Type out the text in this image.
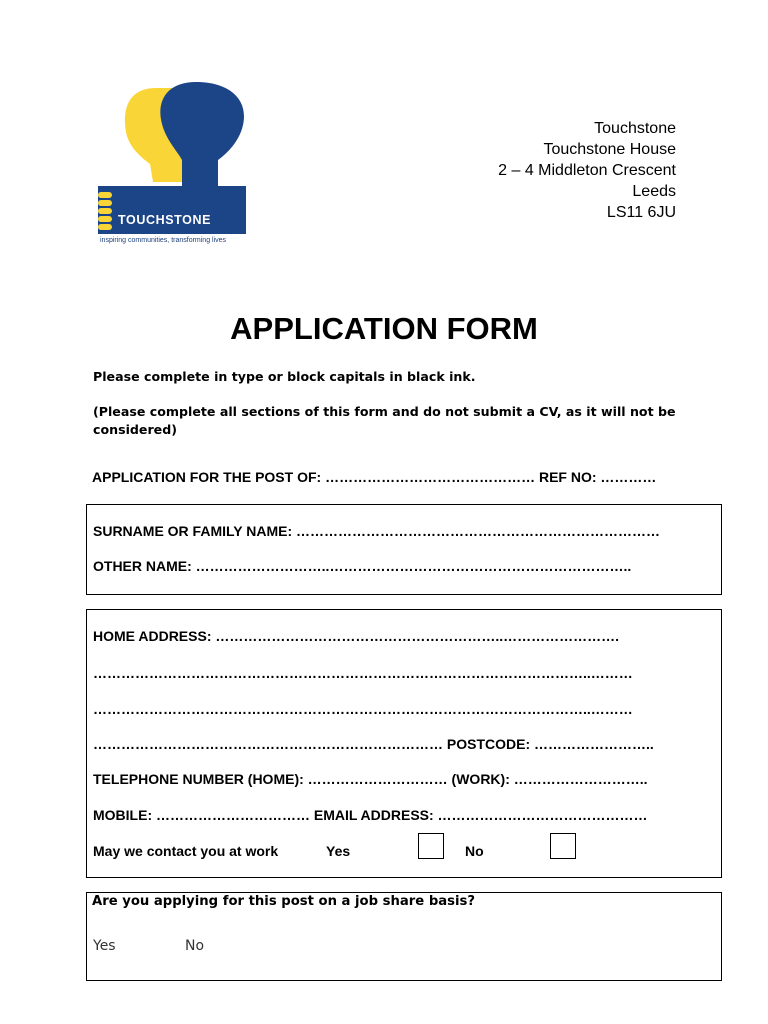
TOUCHSTONE
inspiring communities, transforming lives
Touchstone
Touchstone House
2 – 4 Middleton Crescent
Leeds
LS11 6JU
APPLICATION FORM
Please complete in type or block capitals in black ink.
(Please complete all sections of this form and do not submit a CV, as it will not be considered)
APPLICATION FOR THE POST OF: ……………………………………… REF NO: …………
SURNAME OR FAMILY NAME: ……………………………………………………………………
OTHER NAME: ………………………..………………………………………………………..
HOME ADDRESS: ……………………………………………………..…………………….
……………………………………………………………………………………………..………
……………………………………………………………………………………………..………
………………………………………………………………… POSTCODE: ……………………..
TELEPHONE NUMBER (HOME): ………………………… (WORK): ………………………..
MOBILE: …………………………… EMAIL ADDRESS: ………………………………………
May we contact you at work	Yes	No
Are you applying for this post on a job share basis?
Yes	No
